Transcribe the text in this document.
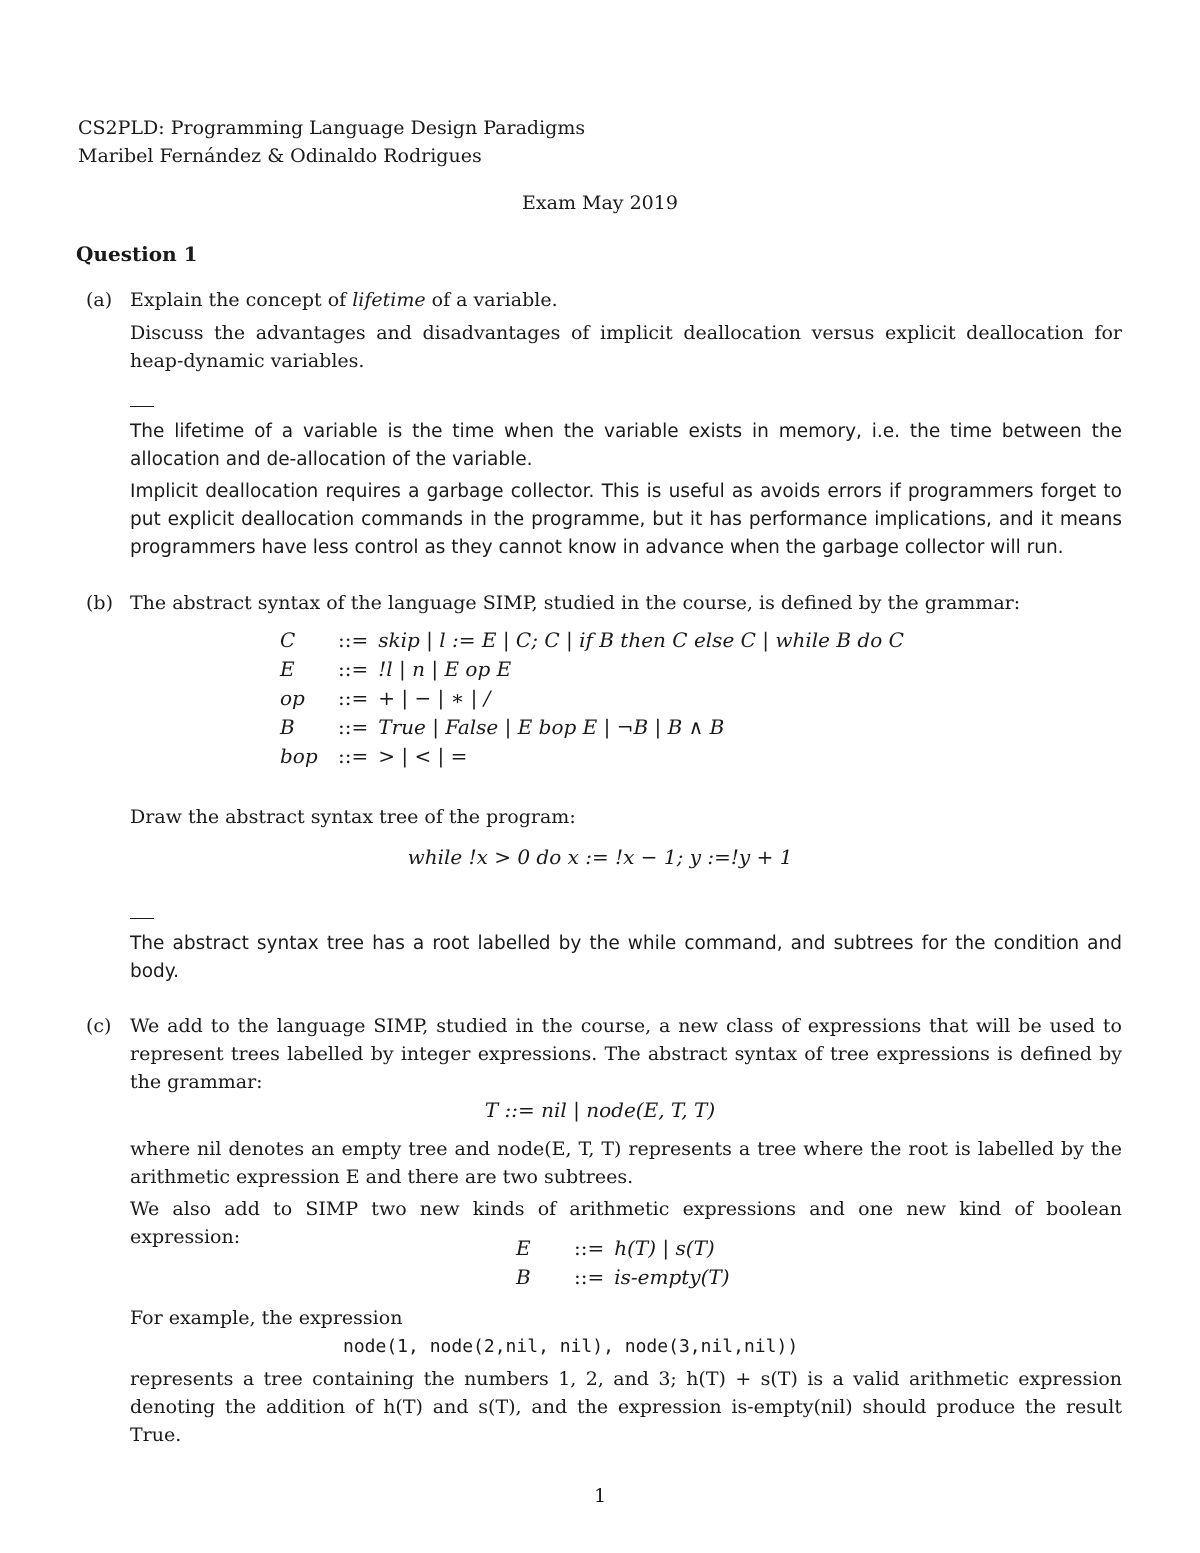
CS2PLD: Programming Language Design Paradigms
Maribel Fernández & Odinaldo Rodrigues
Exam May 2019
Question 1
(a) Explain the concept of lifetime of a variable.
Discuss the advantages and disadvantages of implicit deallocation versus explicit deallocation for heap-dynamic variables.
The lifetime of a variable is the time when the variable exists in memory, i.e. the time between the allocation and de-allocation of the variable.
Implicit deallocation requires a garbage collector. This is useful as avoids errors if programmers forget to put explicit deallocation commands in the programme, but it has performance implications, and it means programmers have less control as they cannot know in advance when the garbage collector will run.
(b) The abstract syntax of the language SIMP, studied in the course, is defined by the grammar:
C	::=	skip | l := E | C; C | if B then C else C | while B do C
E	::=	!l | n | E op E
op	::=	+ | − | ∗ | /
B	::=	True | False | E bop E | ¬B | B ∧ B
bop	::=	> | < | =
Draw the abstract syntax tree of the program:
while !x > 0 do x := !x − 1; y :=!y + 1
The abstract syntax tree has a root labelled by the while command, and subtrees for the condition and body.
(c) We add to the language SIMP, studied in the course, a new class of expressions that will be used to represent trees labelled by integer expressions. The abstract syntax of tree expressions is defined by the grammar:
T ::= nil | node(E, T, T)
where nil denotes an empty tree and node(E, T, T) represents a tree where the root is labelled by the arithmetic expression E and there are two subtrees.
We also add to SIMP two new kinds of arithmetic expressions and one new kind of boolean expression:	E	::=	h(T) | s(T)
B	::=	is-empty(T)
For example, the expression
node(1, node(2,nil, nil), node(3,nil,nil))
represents a tree containing the numbers 1, 2, and 3; h(T) + s(T) is a valid arithmetic expression denoting the addition of h(T) and s(T), and the expression is-empty(nil) should produce the result True.
1
